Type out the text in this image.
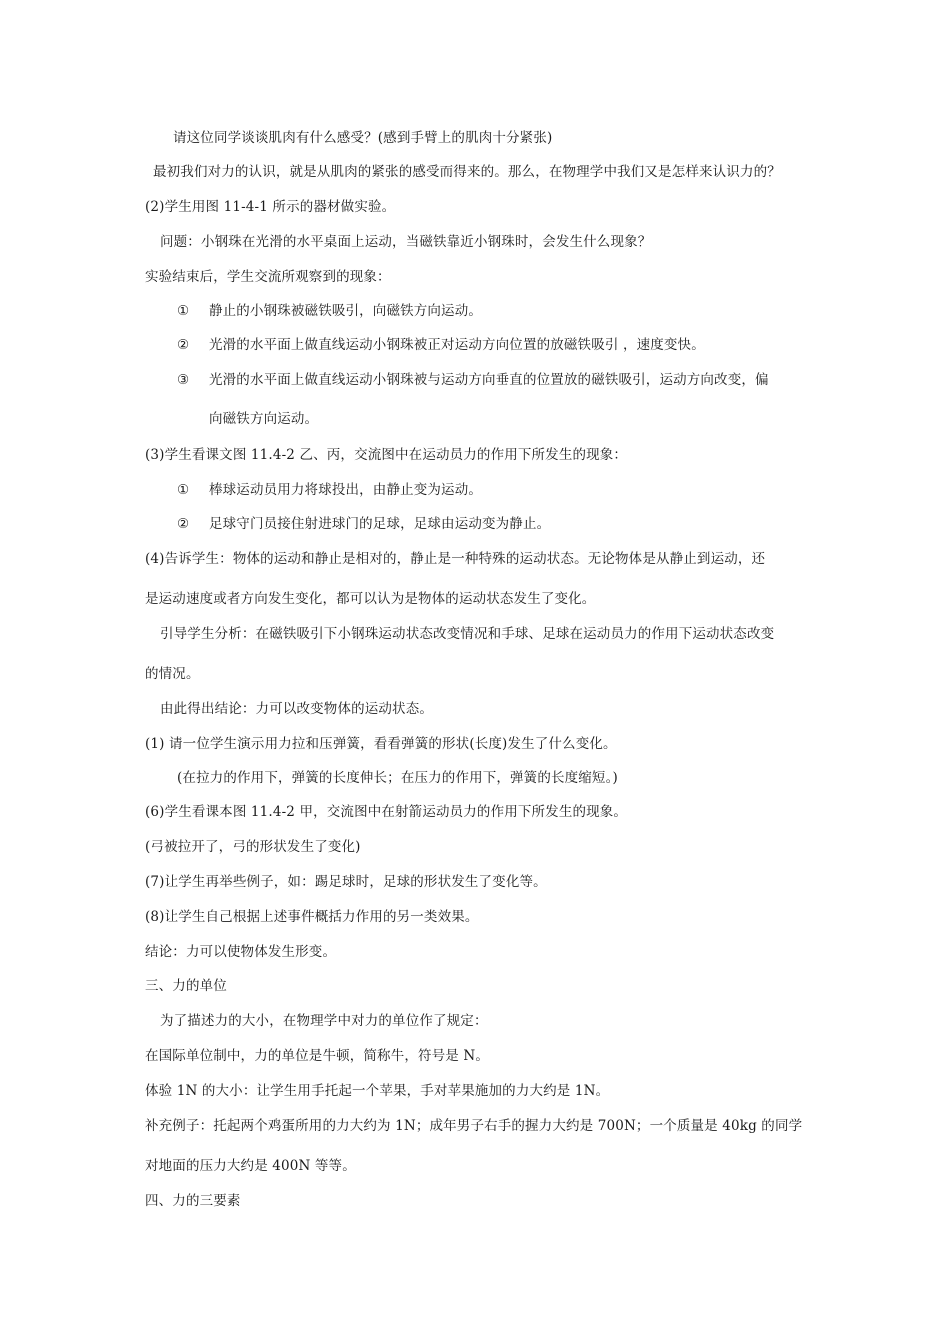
请这位同学谈谈肌肉有什么感受？(感到手臂上的肌肉十分紧张)
最初我们对力的认识，就是从肌肉的紧张的感受而得来的。那么，在物理学中我们又是怎样来认识力的？
(2)学生用图 11-4-1 所示的器材做实验。
问题：小钢珠在光滑的水平桌面上运动，当磁铁靠近小钢珠时，会发生什么现象？
实验结束后，学生交流所观察到的现象：
① 静止的小钢珠被磁铁吸引，向磁铁方向运动。
② 光滑的水平面上做直线运动小钢珠被正对运动方向位置的放磁铁吸引 ，速度变快。
③ 光滑的水平面上做直线运动小钢珠被与运动方向垂直的位置放的磁铁吸引，运动方向改变，偏
向磁铁方向运动。
(3)学生看课文图 11.4-2 乙、丙，交流图中在运动员力的作用下所发生的现象：
① 棒球运动员用力将球投出，由静止变为运动。
② 足球守门员接住射进球门的足球，足球由运动变为静止。
(4)告诉学生：物体的运动和静止是相对的，静止是一种特殊的运动状态。无论物体是从静止到运动，还
是运动速度或者方向发生变化，都可以认为是物体的运动状态发生了变化。
引导学生分析：在磁铁吸引下小钢珠运动状态改变情况和手球、足球在运动员力的作用下运动状态改变
的情况。
由此得出结论：力可以改变物体的运动状态。
(1) 请一位学生演示用力拉和压弹簧，看看弹簧的形状(长度)发生了什么变化。
(在拉力的作用下，弹簧的长度伸长；在压力的作用下，弹簧的长度缩短。)
(6)学生看课本图 11.4-2 甲，交流图中在射箭运动员力的作用下所发生的现象。
(弓被拉开了，弓的形状发生了变化)
(7)让学生再举些例子，如：踢足球时，足球的形状发生了变化等。
(8)让学生自己根据上述事件概括力作用的另一类效果。
结论：力可以使物体发生形变。
三、力的单位
为了描述力的大小，在物理学中对力的单位作了规定：
在国际单位制中，力的单位是牛顿，简称牛，符号是 N。
体验 1N 的大小：让学生用手托起一个苹果，手对苹果施加的力大约是 1N。
补充例子：托起两个鸡蛋所用的力大约为 1N；成年男子右手的握力大约是 700N；一个质量是 40kg 的同学
对地面的压力大约是 400N 等等。
四、力的三要素
